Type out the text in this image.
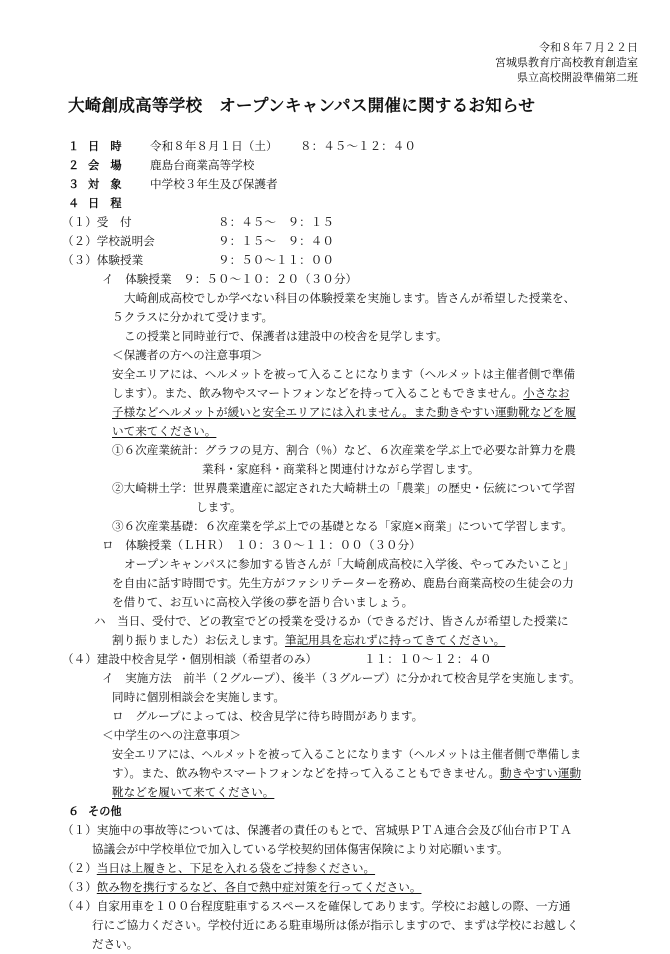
令和８年７月２２日
宮城県教育庁高校教育創造室
県立高校開設準備第二班
大崎創成高等学校　オープンキャンパス開催に関するお知らせ
１ 日　時 令和８年８月１日（土） ８：４５～１２：４０
２ 会　場 鹿島台商業高等学校
３ 対　象 中学校３年生及び保護者
４ 日　程
（１）受　付	８：４５～　９：１５
（２）学校説明会	９：１５～　９：４０
（３）体験授業	９：５０～１１：００
イ　体験授業　９：５０～１０：２０（３０分）
大崎創成高校でしか学べない科目の体験授業を実施します。皆さんが希望した授業を、
５クラスに分かれて受けます。
この授業と同時並行で、保護者は建設中の校舎を見学します。
＜保護者の方への注意事項＞
安全エリアには、ヘルメットを被って入ることになります（ヘルメットは主催者側で準備
します）。また、飲み物やスマートフォンなどを持って入ることもできません。小さなお
子様などヘルメットが緩いと安全エリアには入れません。また動きやすい運動靴などを履
いて来てください。
①６次産業統計：グラフの見方、割合（％）など、６次産業を学ぶ上で必要な計算力を農
業科・家庭科・商業科と関連付けながら学習します。
②大崎耕土学：世界農業遺産に認定された大崎耕土の「農業」の歴史・伝統について学習
します。
③６次産業基礎：６次産業を学ぶ上での基礎となる「家庭×商業」について学習します。
ロ　体験授業（ＬＨＲ）　１０：３０～１１：００（３０分）
オープンキャンパスに参加する皆さんが「大崎創成高校に入学後、やってみたいこと」
を自由に話す時間です。先生方がファシリテーターを務め、鹿島台商業高校の生徒会の力
を借りて、お互いに高校入学後の夢を語り合いましょう。
ハ　当日、受付で、どの教室でどの授業を受けるか（できるだけ、皆さんが希望した授業に
割り振りました）お伝えします。筆記用具を忘れずに持ってきてください。
（４）建設中校舎見学・個別相談（希望者のみ）	１１：１０～１２：４０
イ　実施方法　前半（２グループ）、後半（３グループ）に分かれて校舎見学を実施します。
同時に個別相談会を実施します。
ロ　グループによっては、校舎見学に待ち時間があります。
＜中学生のへの注意事項＞
安全エリアには、ヘルメットを被って入ることになります（ヘルメットは主催者側で準備しま
す）。また、飲み物やスマートフォンなどを持って入ることもできません。動きやすい運動
靴などを履いて来てください。
６ その他
（１）実施中の事故等については、保護者の責任のもとで、宮城県ＰＴＡ連合会及び仙台市ＰＴＡ
協議会が中学校単位で加入している学校契約団体傷害保険により対応願います。
（２）当日は上履きと、下足を入れる袋をご持参ください。
（３）飲み物を携行するなど、各自で熱中症対策を行ってください。
（４）自家用車を１００台程度駐車するスペースを確保してあります。学校にお越しの際、一方通
行にご協力ください。学校付近にある駐車場所は係が指示しますので、まずは学校にお越しく
ださい。
